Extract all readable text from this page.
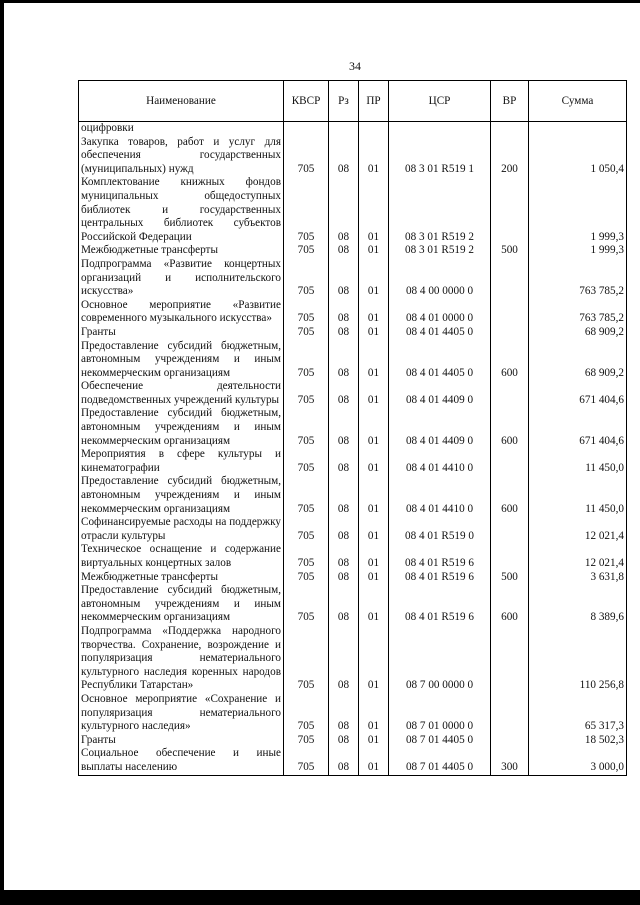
34
Наименование	КВСР	Рз	ПР	ЦСР	ВР	Сумма
оцифровки						
Закупка товаров, работ и услуг для обеспечения государственных (муниципальных) нужд	705	08	01	08 3 01 R519 1	200	1 050,4
Комплектование книжных фондов муниципальных общедоступных библиотек и государственных центральных библиотек субъектов Российской Федерации	705	08	01	08 3 01 R519 2		1 999,3
Межбюджетные трансферты	705	08	01	08 3 01 R519 2	500	1 999,3
Подпрограмма «Развитие концертных организаций и исполнительского искусства»	705	08	01	08 4 00 0000 0		763 785,2
Основное мероприятие «Развитие современного музыкального искусства»	705	08	01	08 4 01 0000 0		763 785,2
Гранты	705	08	01	08 4 01 4405 0		68 909,2
Предоставление субсидий бюджетным, автономным учреждениям и иным некоммерческим организациям	705	08	01	08 4 01 4405 0	600	68 909,2
Обеспечение деятельности подведомственных учреждений культуры	705	08	01	08 4 01 4409 0		671 404,6
Предоставление субсидий бюджетным, автономным учреждениям и иным некоммерческим организациям	705	08	01	08 4 01 4409 0	600	671 404,6
Мероприятия в сфере культуры и кинематографии	705	08	01	08 4 01 4410 0		11 450,0
Предоставление субсидий бюджетным, автономным учреждениям и иным некоммерческим организациям	705	08	01	08 4 01 4410 0	600	11 450,0
Софинансируемые расходы на поддержку отрасли культуры	705	08	01	08 4 01 R519 0		12 021,4
Техническое оснащение и содержание виртуальных концертных залов	705	08	01	08 4 01 R519 6		12 021,4
Межбюджетные трансферты	705	08	01	08 4 01 R519 6	500	3 631,8
Предоставление субсидий бюджетным, автономным учреждениям и иным некоммерческим организациям	705	08	01	08 4 01 R519 6	600	8 389,6
Подпрограмма «Поддержка народного творчества. Сохранение, возрождение и популяризация нематериального культурного наследия коренных народов Республики Татарстан»	705	08	01	08 7 00 0000 0		110 256,8
Основное мероприятие «Сохранение и популяризация нематериального культурного наследия»	705	08	01	08 7 01 0000 0		65 317,3
Гранты	705	08	01	08 7 01 4405 0		18 502,3
Социальное обеспечение и иные выплаты населению	705	08	01	08 7 01 4405 0	300	3 000,0
